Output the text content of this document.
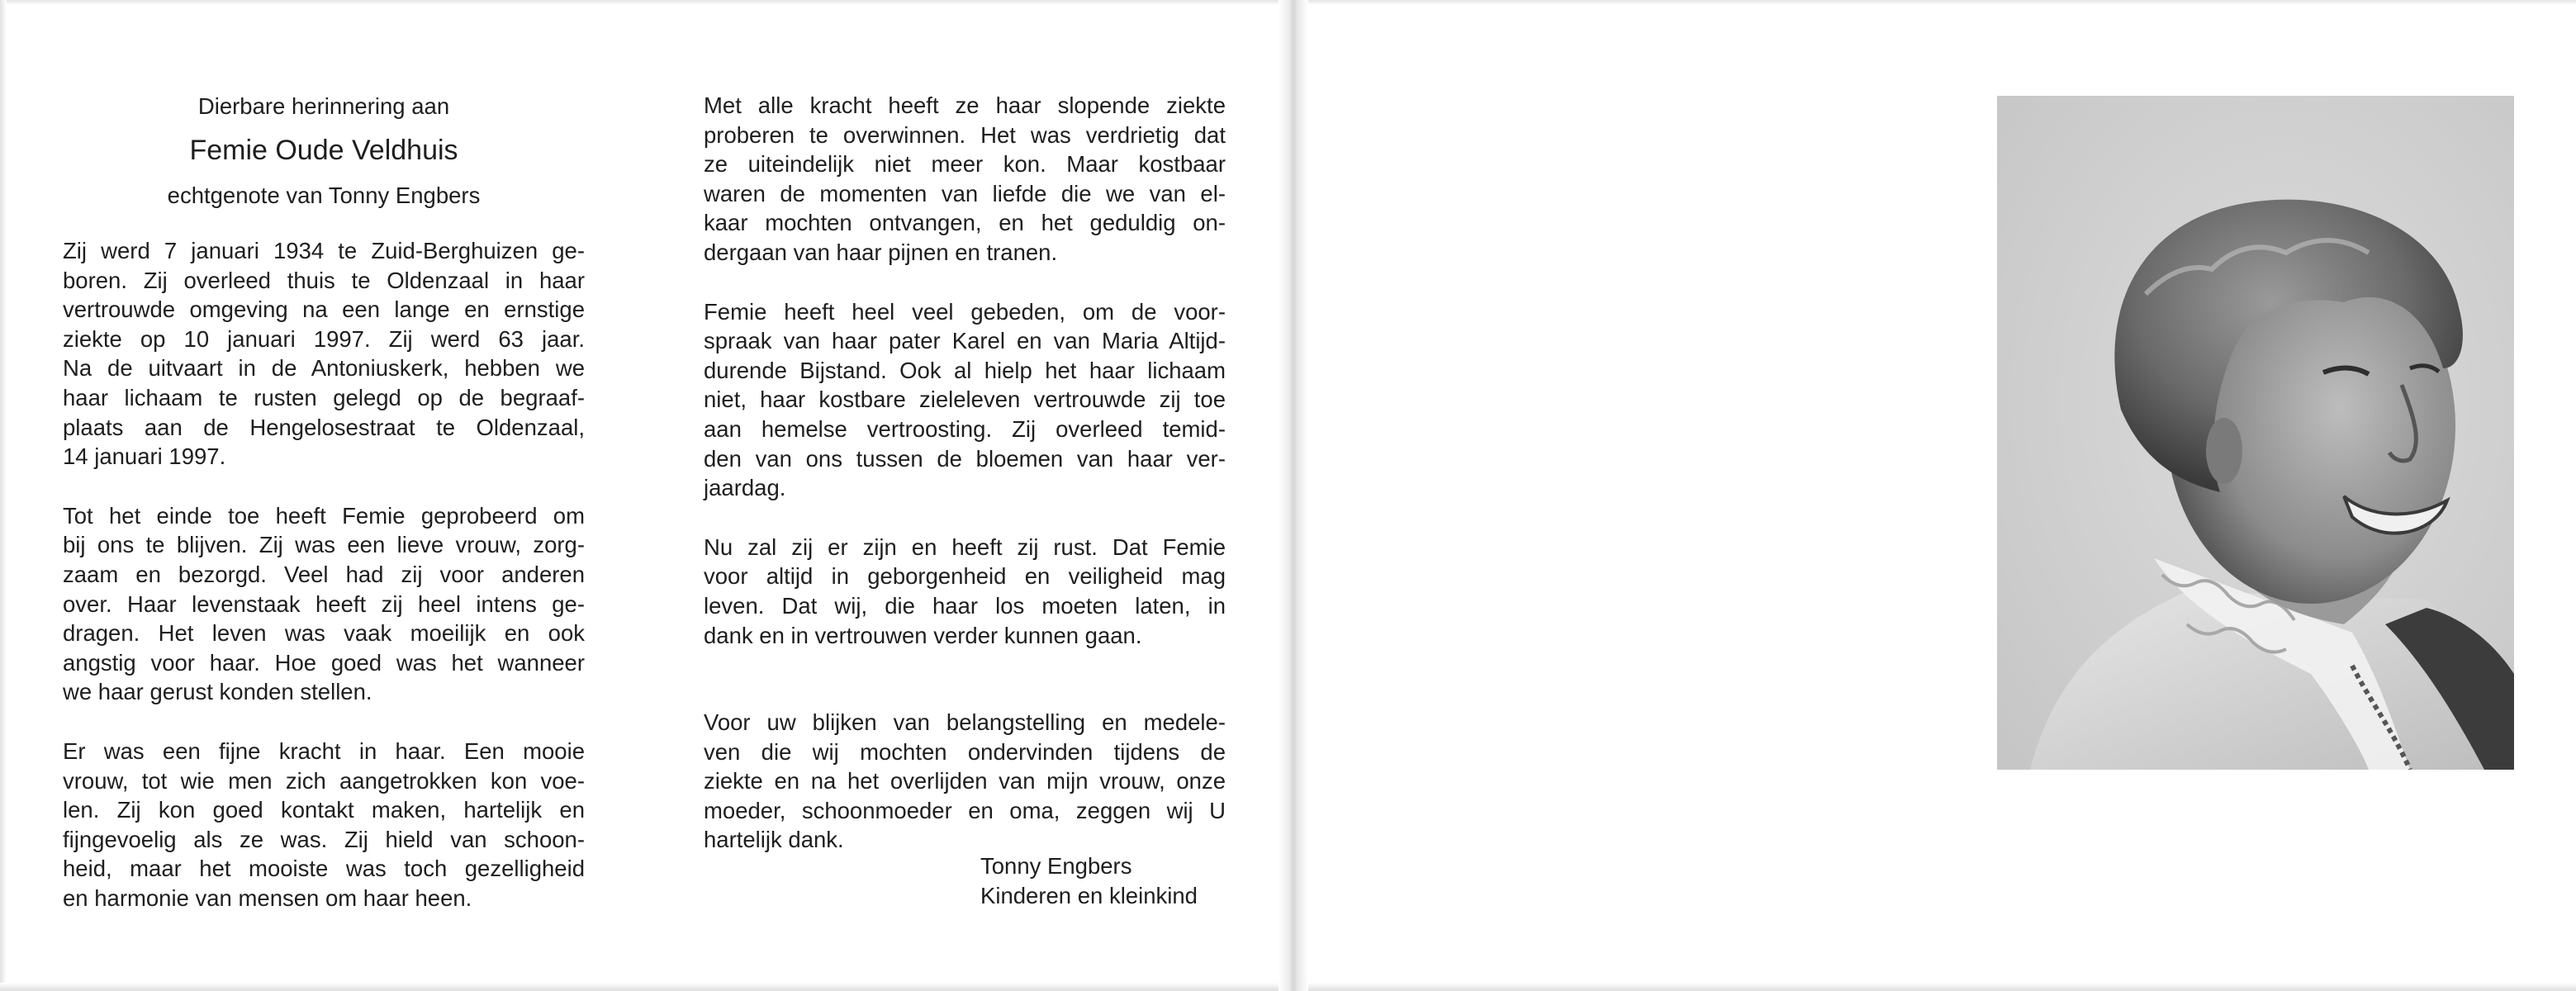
Dierbare herinnering aan

Femie Oude Veldhuis

echtgenote van Tonny Engbers

Zij werd 7 januari 1934 te Zuid-Berghuizen ge-
boren. Zij overleed thuis te Oldenzaal in haar
vertrouwde omgeving na een lange en ernstige
ziekte op 10 januari 1997. Zij werd 63 jaar.
Na de uitvaart in de Antoniuskerk, hebben we
haar lichaam te rusten gelegd op de begraaf-
plaats aan de Hengelosestraat te Oldenzaal,
14 januari 1997.
Tot het einde toe heeft Femie geprobeerd om
bij ons te blijven. Zij was een lieve vrouw, zorg-
zaam en bezorgd. Veel had zij voor anderen
over. Haar levenstaak heeft zij heel intens ge-
dragen. Het leven was vaak moeilijk en ook
angstig voor haar. Hoe goed was het wanneer
we haar gerust konden stellen.
Er was een fijne kracht in haar. Een mooie
vrouw, tot wie men zich aangetrokken kon voe-
len. Zij kon goed kontakt maken, hartelijk en
fijngevoelig als ze was. Zij hield van schoon-
heid, maar het mooiste was toch gezelligheid
en harmonie van mensen om haar heen.
Met alle kracht heeft ze haar slopende ziekte
proberen te overwinnen. Het was verdrietig dat
ze uiteindelijk niet meer kon. Maar kostbaar
waren de momenten van liefde die we van el-
kaar mochten ontvangen, en het geduldig on-
dergaan van haar pijnen en tranen.
Femie heeft heel veel gebeden, om de voor-
spraak van haar pater Karel en van Maria Altijd-
durende Bijstand. Ook al hielp het haar lichaam
niet, haar kostbare zieleleven vertrouwde zij toe
aan hemelse vertroosting. Zij overleed temid-
den van ons tussen de bloemen van haar ver-
jaardag.
Nu zal zij er zijn en heeft zij rust. Dat Femie
voor altijd in geborgenheid en veiligheid mag
leven. Dat wij, die haar los moeten laten, in
dank en in vertrouwen verder kunnen gaan.
Voor uw blijken van belangstelling en medele-
ven die wij mochten ondervinden tijdens de
ziekte en na het overlijden van mijn vrouw, onze
moeder, schoonmoeder en oma, zeggen wij U
hartelijk dank.
Tonny Engbers
Kinderen en kleinkind
